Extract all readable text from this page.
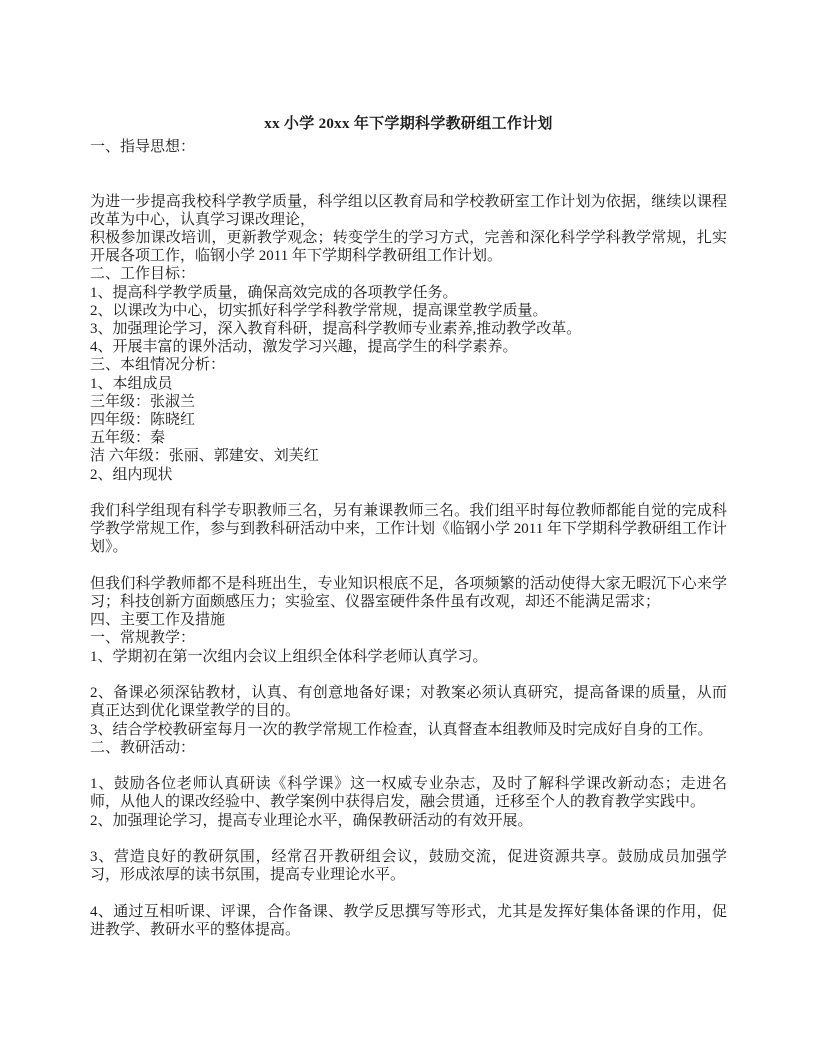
xx 小学 20xx 年下学期科学教研组工作计划

一、指导思想：

为进一步提高我校科学教学质量，科学组以区教育局和学校教研室工作计划为依据，继续以课程改革为中心，认真学习课改理论，

积极参加课改培训，更新教学观念；转变学生的学习方式，完善和深化科学学科教学常规，扎实开展各项工作，临钢小学 2011 年下学期科学教研组工作计划。

二、工作目标：

1、提高科学教学质量，确保高效完成的各项教学任务。

2、以课改为中心，切实抓好科学学科教学常规，提高课堂教学质量。

3、加强理论学习，深入教育科研，提高科学教师专业素养,推动教学改革。

4、开展丰富的课外活动，激发学习兴趣，提高学生的科学素养。

三、本组情况分析：

1、本组成员

三年级：张淑兰

四年级：陈晓红

五年级：秦

洁 六年级：张丽、郭建安、刘芙红

2、组内现状

我们科学组现有科学专职教师三名，另有兼课教师三名。我们组平时每位教师都能自觉的完成科学教学常规工作，参与到教科研活动中来，工作计划《临钢小学 2011 年下学期科学教研组工作计划》。

但我们科学教师都不是科班出生，专业知识根底不足，各项频繁的活动使得大家无暇沉下心来学习；科技创新方面颇感压力；实验室、仪器室硬件条件虽有改观，却还不能满足需求；

四、主要工作及措施

一、常规教学：

1、学期初在第一次组内会议上组织全体科学老师认真学习。

2、备课必须深钻教材，认真、有创意地备好课；对教案必须认真研究，提高备课的质量，从而真正达到优化课堂教学的目的。

3、结合学校教研室每月一次的教学常规工作检查，认真督查本组教师及时完成好自身的工作。

二、教研活动：

1、鼓励各位老师认真研读《科学课》这一权威专业杂志，及时了解科学课改新动态；走进名师，从他人的课改经验中、教学案例中获得启发，融会贯通，迁移至个人的教育教学实践中。

2、加强理论学习，提高专业理论水平，确保教研活动的有效开展。

3、营造良好的教研氛围，经常召开教研组会议，鼓励交流，促进资源共享。鼓励成员加强学习，形成浓厚的读书氛围，提高专业理论水平。

4、通过互相听课、评课，合作备课、教学反思撰写等形式，尤其是发挥好集体备课的作用，促进教学、教研水平的整体提高。
